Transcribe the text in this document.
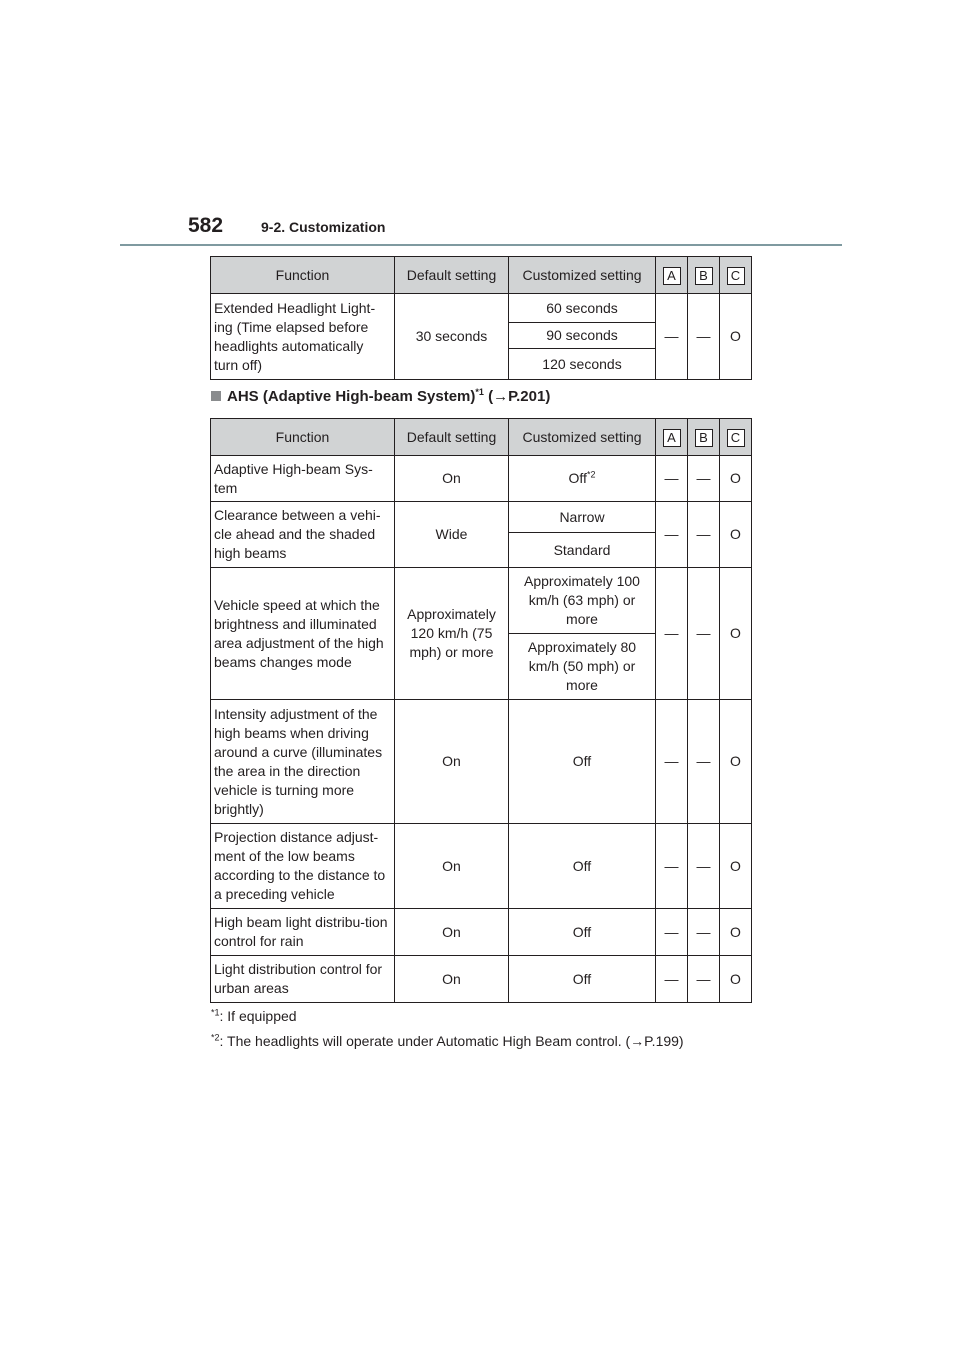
582	9-2. Customization
Function	Default setting	Customized setting	A	B	C
Extended Headlight Light-ing (Time elapsed before headlights automatically turn off)	30 seconds	60 seconds	—	—	O
		90 seconds			
		120 seconds			
AHS (Adaptive High-beam System)$^{*1}$ (→P.201)
Function	Default setting	Customized setting	A	B	C
Adaptive High-beam Sys-tem	On	Off$^{*2}$	—	—	O
Clearance between a vehi-cle ahead and the shaded high beams	Wide	Narrow	—	—	O
		Standard			
Vehicle speed at which the brightness and illuminated area adjustment of the high beams changes mode	Approximately 120 km/h (75 mph) or more	Approximately 100 km/h (63 mph) or more	—	—	O
		Approximately 80 km/h (50 mph) or more			
Intensity adjustment of the high beams when driving around a curve (illuminates the area in the direction vehicle is turning more brightly)	On	Off	—	—	O
Projection distance adjust-ment of the low beams according to the distance to a preceding vehicle	On	Off	—	—	O
High beam light distribu-tion control for rain	On	Off	—	—	O
Light distribution control for urban areas	On	Off	—	—	O
$^{*1}$: If equipped
$^{*2}$: The headlights will operate under Automatic High Beam control. (→P.199)
